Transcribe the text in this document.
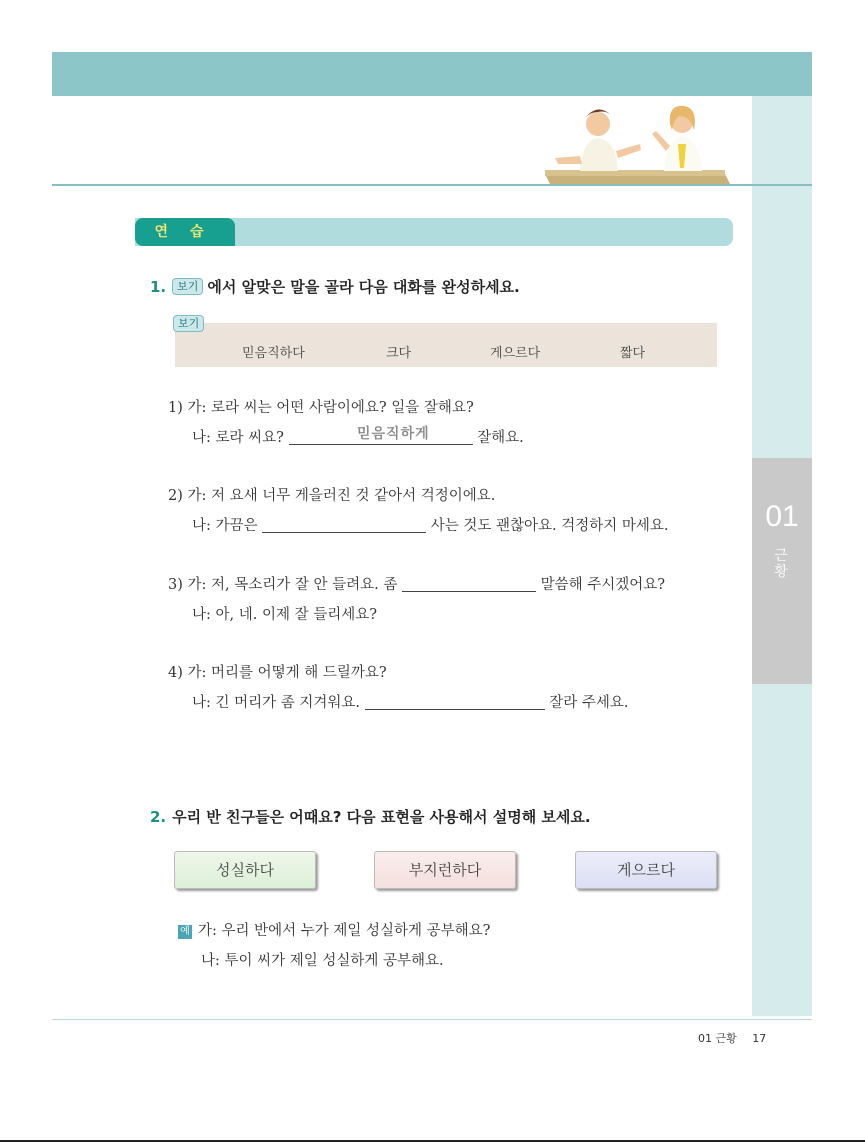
01
근황
연습
1. 보기 에서 알맞은 말을 골라 다음 대화를 완성하세요.
보기
믿음직하다	크다	게으르다	짧다
1) 가: 로라 씨는 어떤 사람이에요? 일을 잘해요?
나: 로라 씨요?	잘해요.
믿음직하게
2) 가: 저 요새 너무 게을러진 것 같아서 걱정이에요.
나: 가끔은	사는 것도 괜찮아요. 걱정하지 마세요.
3) 가: 저, 목소리가 잘 안 들려요. 좀	말씀해 주시겠어요?
나: 아, 네. 이제 잘 들리세요?
4) 가: 머리를 어떻게 해 드릴까요?
나: 긴 머리가 좀 지겨워요.	잘라 주세요.
2. 우리 반 친구들은 어때요? 다음 표현을 사용해서 설명해 보세요.
성실하다	부지런하다	게으르다
예 가: 우리 반에서 누가 제일 성실하게 공부해요?
나: 투이 씨가 제일 성실하게 공부해요.
01 근황 17
